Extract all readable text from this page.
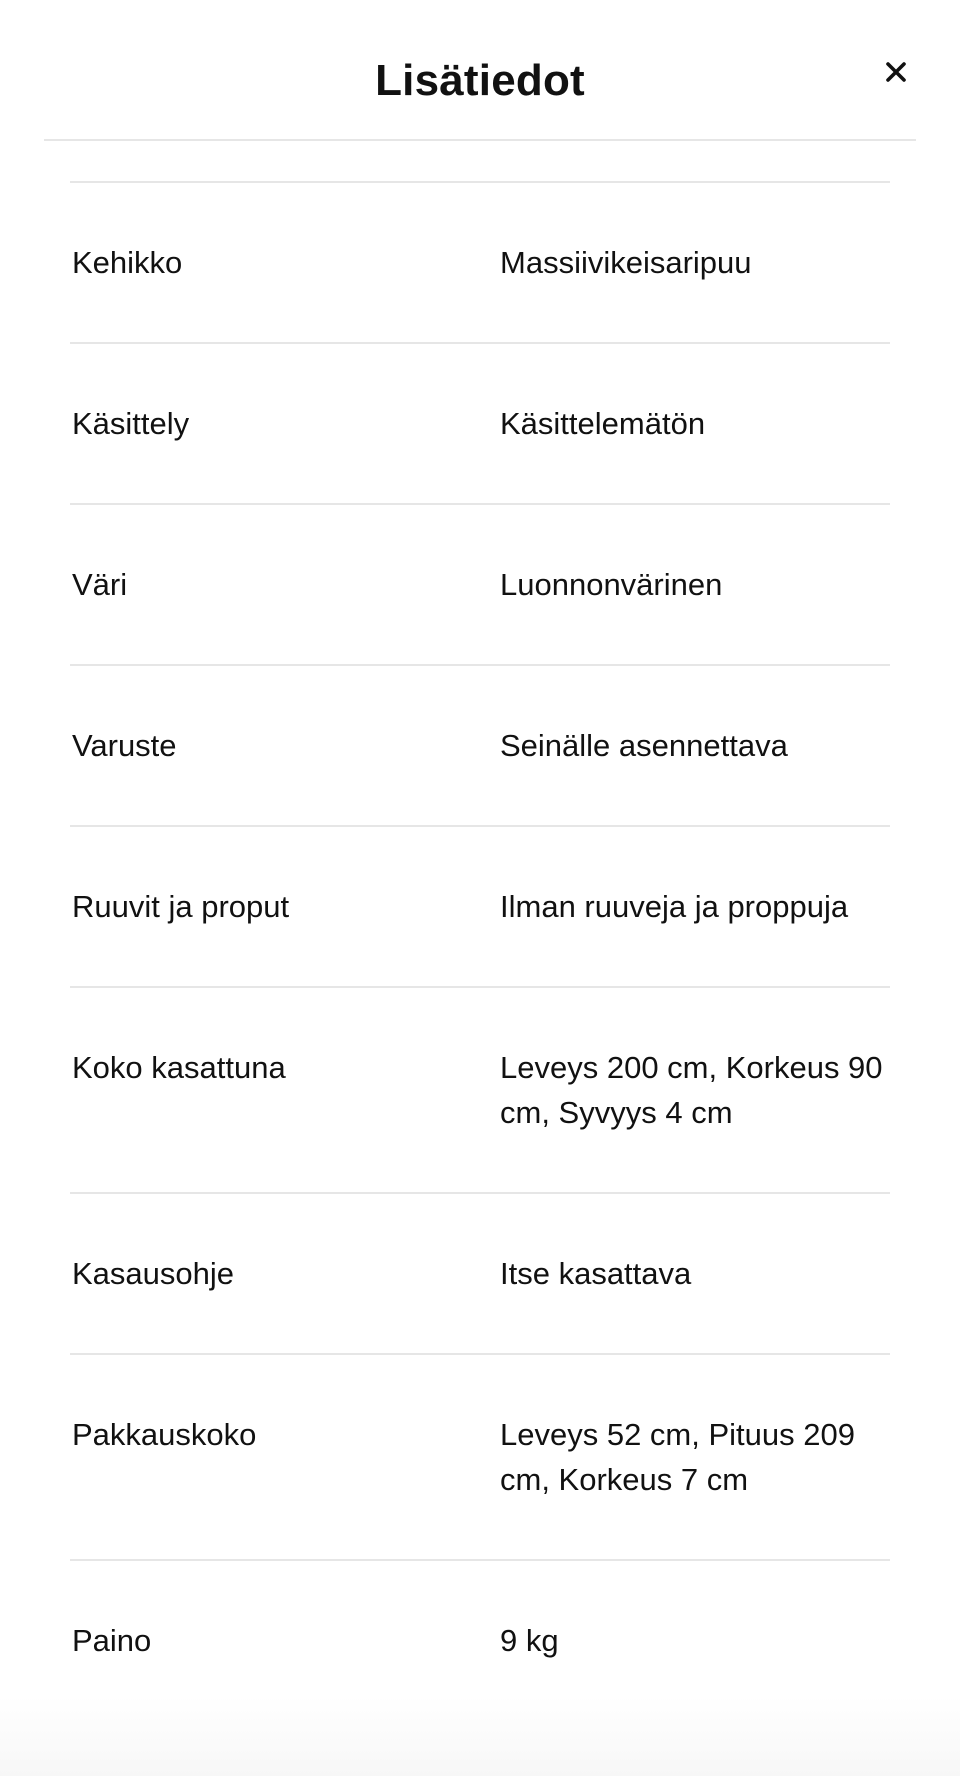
Lisätiedot
Kehikko	Massiivikeisaripuu
Käsittely	Käsittelemätön
Väri	Luonnonvärinen
Varuste	Seinälle asennettava
Ruuvit ja proput	Ilman ruuveja ja proppuja
Koko kasattuna	Leveys 200 cm, Korkeus 90 cm, Syvyys 4 cm
Kasausohje	Itse kasattava
Pakkauskoko	Leveys 52 cm, Pituus 209 cm, Korkeus 7 cm
Paino	9 kg
